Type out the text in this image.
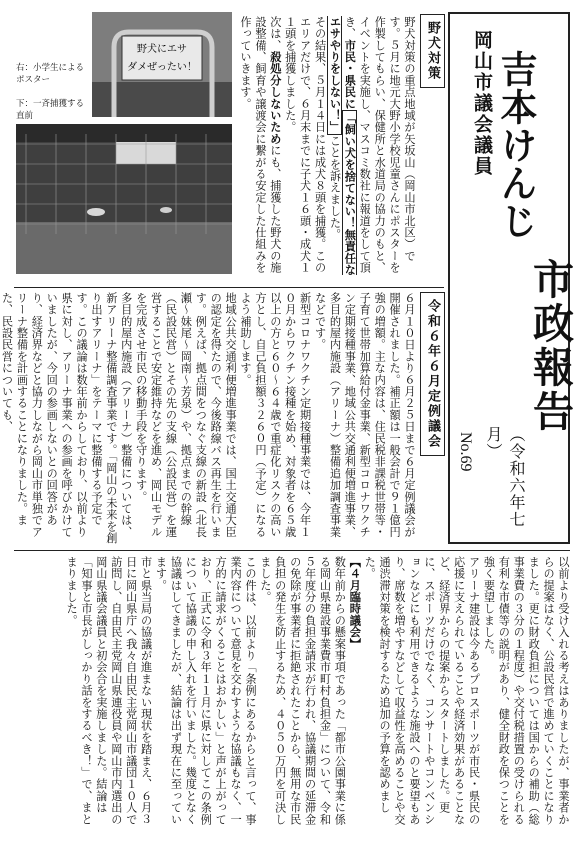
岡山市議会議員 吉本けんじ
市政報告
No.69	（令和六年七月）
野犬対策
野犬対策の重点地域が矢坂山（岡山市北区）です。５月に地元大野小学校児童さんにポスターを作製してもらい、保健所と水道局の協力のもと、イベントを実施し、マスコミ数社に報道をして頂き、市民・県民に「飼い犬を捨てない！無責任なエサやりをしない！」ことを訴えました。
その結果、５月１４日には成犬８頭を捕獲。このエリアだけで、６月末までに子犬１６頭・成犬１１頭を捕獲しました。
次は、殺処分しないためにも、捕獲した野犬の施設整備、飼育や譲渡会に繋がる安定した仕組みを作っていきます。
野犬にエサ
ダメぜったい！
右：小学生による ポスター
下：一斉捕獲する 直前
令和６年６月定例議会
６月１０日より６月２５日まで６月定例議会が開催されました。補正額は一般会計で９１億円強の増額。主な内容は、住民税非課税世帯等・子育て世帯加算給付金事業、新型コロナワクチン定期接種事業、地域公共交通利便増進事業、多目的屋内施設（アリーナ）整備追加調査事業などです。
新型コロナワクチン定期接種事業では、今年１０月からワクチン接種を始め、対象者を６５歳以上の方と６０～６４歳で重症化リスクの高い方とし、自己負担額３２６０円（予定）になるよう補助します。
地域公共交通利便増進事業では、国土交通大臣の認定を得たので、今後路線バス再生を行います。例えば、拠点間をつなぐ支線の新設（北長瀬～妹尾～岡南～芳泉）や、拠点までの幹線（民設民営）とその先の支線（公設民営）を運営することで安定維持などを進め、岡山モデルを完成させ市民の移動手段を守ります。
多目的屋内施設（アリーナ）整備については、新アリーナ整備調査事業です。「岡山の未来を創り出すアリーナ」をテーマに整備する予定です。この議論は数年前からしており、以前より県に対し、アリーナ事業への参画を呼びかけていましたが、今回の参画しないとの回答があり、経済界などと協力しながら岡山市単独でアリーナ整備を計画することになりました。また、民設民営についても、
以前より受け入れる考えはありましたが、事業者からの提案はなく、公設民営で進めていくことになりました。更に財政負担については国からの補助（総事業費の３分の１程度）や交付税措置の受けられる有利な市債等の説明があり、健全財政を保つことを強く要望しました。
アリーナ建設は今あるプロスポーツが市民・県民の応援に支えられていることや経済効果があることなど、経済界からの提案からスタートしました。更に、スポーツだけでなく、コンサートやコンベンションなどにも利用できるような施設へのと要望もあり、席数を増やすなどして収益性を高めることや交通渋滞対策を検討するため追加の予算を認めました。
【４月臨時議会】
数年前からの懸案事項であった「都市公園事業に係る岡山県建設事業費市町村負担金」について、令和５年度分の負担金請求が行われ、協議期間の延滞金の免除が事業者に拒絶されたことから、無用な市民負担の発生を防止するため、４０５０万円を可決しました。
この件は、以前より「条例にあるからと言って、事業内容について意見を交わすような協議もなく、一方的に請求がくることはおかしい」と声が上がっており、正式に令和３年１１月に県に対してこの条例について協議の申し入れを行いました。幾度となく協議はしてきましたが、結論は出ず現在に至っています。
市と県当局の協議が進まない現状を踏まえ、６月３日に岡山県庁へ我々自由民主党岡山市議団１０人で訪問し、自由民主党岡山県連役員や岡山市内選出の岡山県議会議員と初会合を実施しました。結論は「知事と市長がしっかり話をするべき！」で、まとまりました。
